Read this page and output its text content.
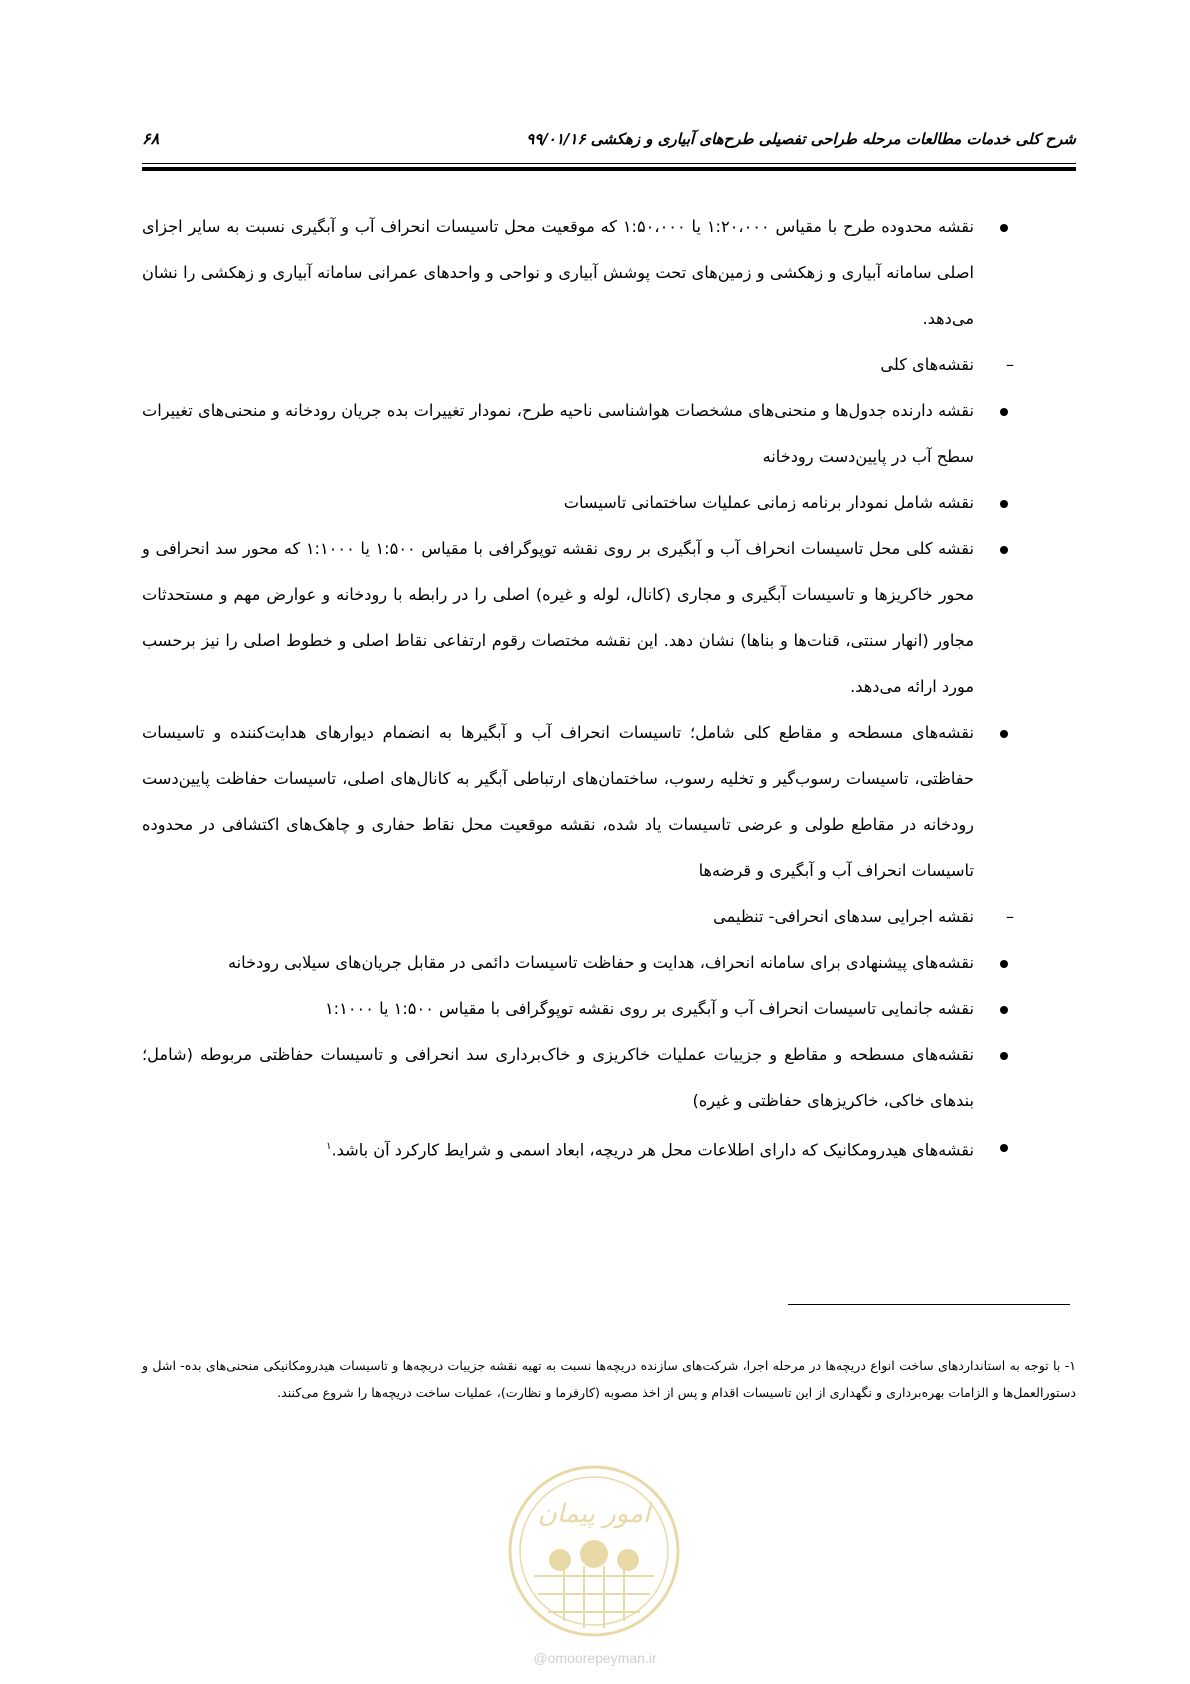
شرح کلی خدمات مطالعات مرحله طراحی تفصیلی طرح‌های آبیاری و زهکشی ۹۹/۰۱/۱۶
۶۸
نقشه محدوده طرح با مقیاس ۱:۲۰،۰۰۰ یا ۱:۵۰،۰۰۰ که موقعیت محل تاسیسات انحراف آب و آبگیری نسبت به سایر اجزای اصلی سامانه آبیاری و زهکشی و زمین‌های تحت پوشش آبیاری و نواحی و واحدهای عمرانی سامانه آبیاری و زهکشی را نشان می‌دهد.
–
نقشه‌های کلی
نقشه دارنده جدول‌ها و منحنی‌های مشخصات هواشناسی ناحیه طرح، نمودار تغییرات بده جریان رودخانه و منحنی‌های تغییرات سطح آب در پایین‌دست رودخانه
نقشه شامل نمودار برنامه زمانی عملیات ساختمانی تاسیسات
نقشه کلی محل تاسیسات انحراف آب و آبگیری بر روی نقشه توپوگرافی با مقیاس ۱:۵۰۰ یا ۱:۱۰۰۰ که محور سد انحرافی و محور خاکریزها و تاسیسات آبگیری و مجاری (کانال، لوله و غیره) اصلی را در رابطه با رودخانه و عوارض مهم و مستحدثات مجاور (انهار سنتی، قنات‌ها و بناها) نشان دهد. این نقشه مختصات رقوم ارتفاعی نقاط اصلی و خطوط اصلی را نیز برحسب مورد ارائه می‌دهد.
نقشه‌های مسطحه و مقاطع کلی شامل؛ تاسیسات انحراف آب و آبگیرها به انضمام دیوارهای هدایت‌کننده و تاسیسات حفاظتی، تاسیسات رسوب‌گیر و تخلیه رسوب، ساختمان‌های ارتباطی آبگیر به کانال‌های اصلی، تاسیسات حفاظت پایین‌دست رودخانه در مقاطع طولی و عرضی تاسیسات یاد شده، نقشه موقعیت محل نقاط حفاری و چاهک‌های اکتشافی در محدوده تاسیسات انحراف آب و آبگیری و قرضه‌ها
–
نقشه اجرایی سدهای انحرافی- تنظیمی
نقشه‌های پیشنهادی برای سامانه انحراف، هدایت و حفاظت تاسیسات دائمی در مقابل جریان‌های سیلابی رودخانه
نقشه جانمایی تاسیسات انحراف آب و آبگیری بر روی نقشه توپوگرافی با مقیاس ۱:۵۰۰ یا ۱:۱۰۰۰
نقشه‌های مسطحه و مقاطع و جزییات عملیات خاکریزی و خاک‌برداری سد انحرافی و تاسیسات حفاظتی مربوطه (شامل؛ بندهای خاکی، خاکریزهای حفاظتی و غیره)
نقشه‌های هیدرومکانیک که دارای اطلاعات محل هر دریچه، ابعاد اسمی و شرایط کارکرد آن باشد.$^۱$
۱- با توجه به استانداردهای ساخت انواع دریچه‌ها در مرحله اجرا، شرکت‌های سازنده دریچه‌ها نسبت به تهیه نقشه جزییات دریچه‌ها و تاسیسات هیدرومکانیکی منحنی‌های بده- اشل و دستورالعمل‌ها و الزامات بهره‌برداری و نگهداری از این تاسیسات اقدام و پس از اخذ مصوبه (کارفرما و نظارت)، عملیات ساخت دریچه‌ها را شروع می‌کنند.
امور پیمان
@omoorepeyman.ir
